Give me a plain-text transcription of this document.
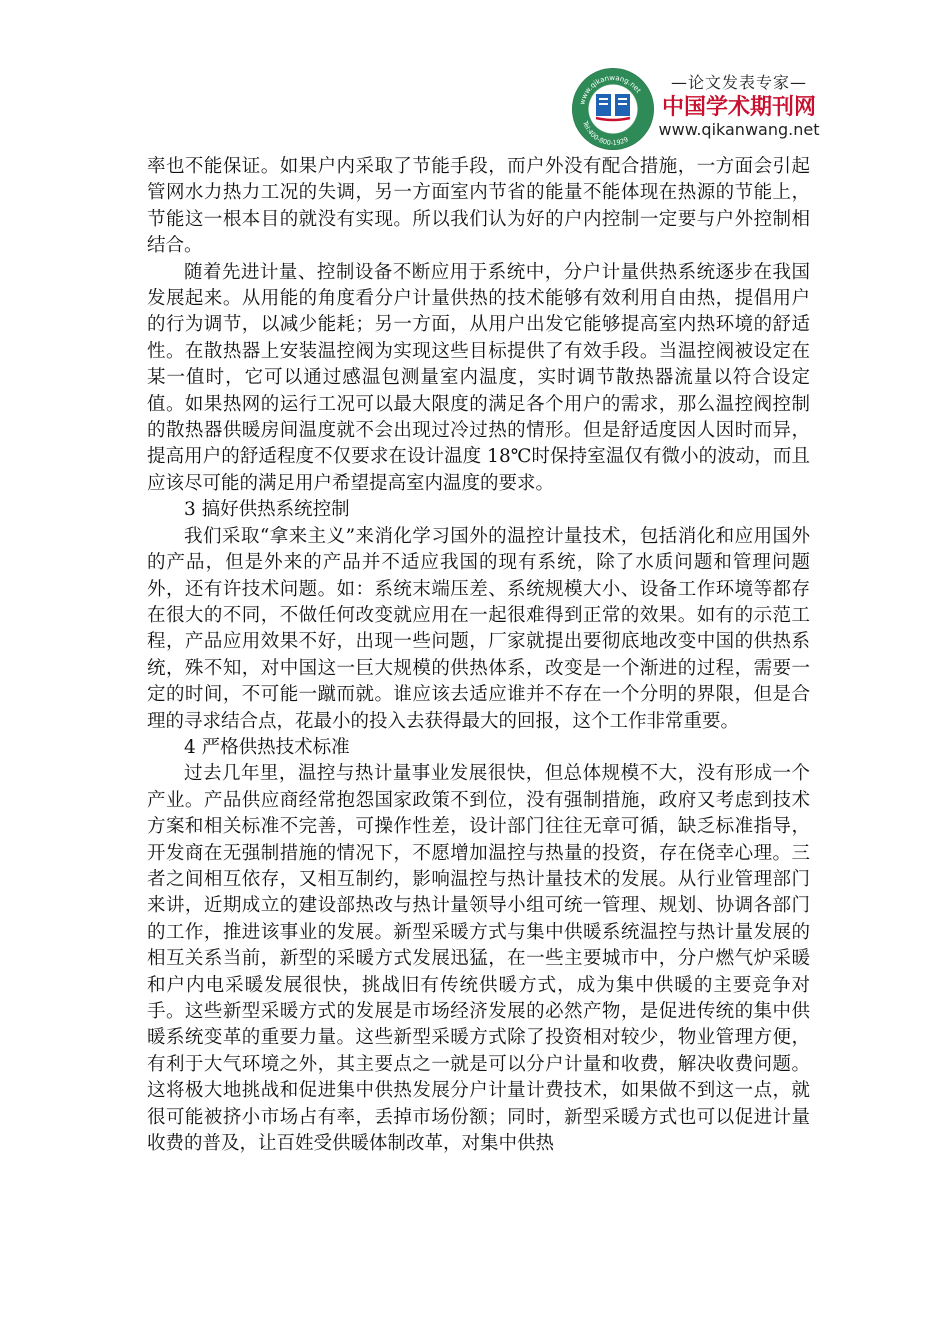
www.qikanwang.net
Tel:400-800-1929
—论文发表专家—
中国学术期刊网
www.qikanwang.net

率也不能保证。如果户内采取了节能手段，而户外没有配合措施，一方面会引起管网水力热力工况的失调，另一方面室内节省的能量不能体现在热源的节能上，节能这一根本目的就没有实现。所以我们认为好的户内控制一定要与户外控制相结合。

随着先进计量、控制设备不断应用于系统中，分户计量供热系统逐步在我国发展起来。从用能的角度看分户计量供热的技术能够有效利用自由热，提倡用户的行为调节，以减少能耗；另一方面，从用户出发它能够提高室内热环境的舒适性。在散热器上安装温控阀为实现这些目标提供了有效手段。当温控阀被设定在某一值时，它可以通过感温包测量室内温度，实时调节散热器流量以符合设定值。如果热网的运行工况可以最大限度的满足各个用户的需求，那么温控阀控制的散热器供暖房间温度就不会出现过冷过热的情形。但是舒适度因人因时而异，提高用户的舒适程度不仅要求在设计温度 18℃时保持室温仅有微小的波动，而且应该尽可能的满足用户希望提高室内温度的要求。

3 搞好供热系统控制

我们采取“拿来主义”来消化学习国外的温控计量技术，包括消化和应用国外的产品，但是外来的产品并不适应我国的现有系统，除了水质问题和管理问题外，还有许技术问题。如：系统末端压差、系统规模大小、设备工作环境等都存在很大的不同，不做任何改变就应用在一起很难得到正常的效果。如有的示范工程，产品应用效果不好，出现一些问题，厂家就提出要彻底地改变中国的供热系统，殊不知，对中国这一巨大规模的供热体系，改变是一个渐进的过程，需要一定的时间，不可能一蹴而就。谁应该去适应谁并不存在一个分明的界限，但是合理的寻求结合点，花最小的投入去获得最大的回报，这个工作非常重要。

4 严格供热技术标准

过去几年里，温控与热计量事业发展很快，但总体规模不大，没有形成一个产业。产品供应商经常抱怨国家政策不到位，没有强制措施，政府又考虑到技术方案和相关标准不完善，可操作性差，设计部门往往无章可循，缺乏标准指导，开发商在无强制措施的情况下，不愿增加温控与热量的投资，存在侥幸心理。三者之间相互依存，又相互制约，影响温控与热计量技术的发展。从行业管理部门来讲，近期成立的建设部热改与热计量领导小组可统一管理、规划、协调各部门的工作，推进该事业的发展。新型采暖方式与集中供暖系统温控与热计量发展的相互关系当前，新型的采暖方式发展迅猛，在一些主要城市中，分户燃气炉采暖和户内电采暖发展很快，挑战旧有传统供暖方式，成为集中供暖的主要竞争对手。这些新型采暖方式的发展是市场经济发展的必然产物，是促进传统的集中供暖系统变革的重要力量。这些新型采暖方式除了投资相对较少，物业管理方便，有利于大气环境之外，其主要点之一就是可以分户计量和收费，解决收费问题。这将极大地挑战和促进集中供热发展分户计量计费技术，如果做不到这一点，就很可能被挤小市场占有率，丢掉市场份额；同时，新型采暖方式也可以促进计量收费的普及，让百姓受供暖体制改革，对集中供热
